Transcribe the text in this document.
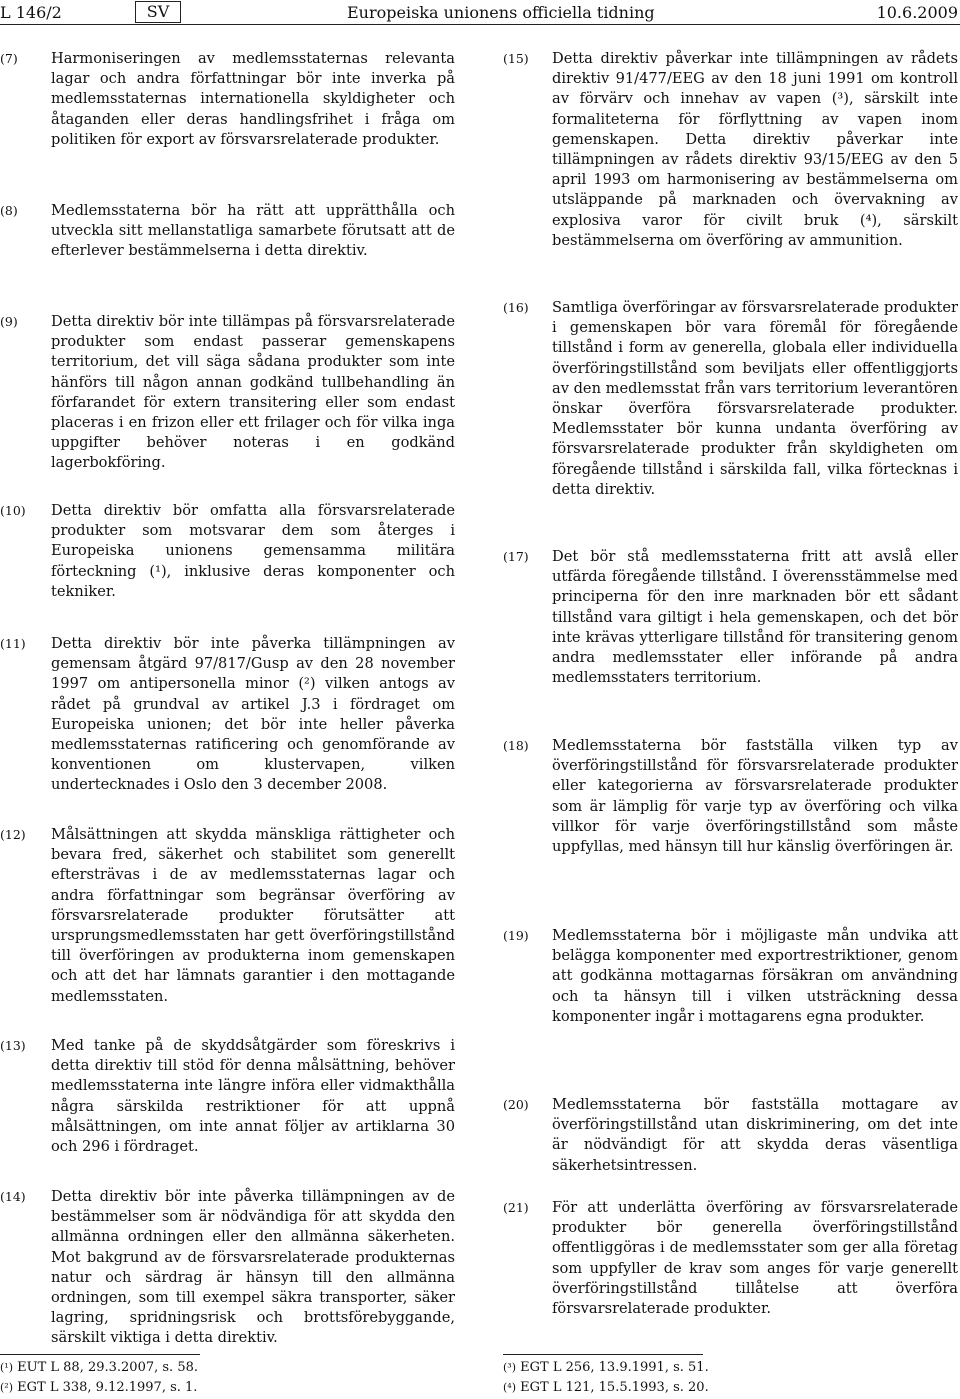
L 146/2	SV	Europeiska unionens officiella tidning	10.6.2009
(7) Harmoniseringen av medlemsstaternas relevanta lagar och andra författningar bör inte inverka på medlemsstaternas internationella skyldigheter och åtaganden eller deras handlingsfrihet i fråga om politiken för export av försvarsrelaterade produkter.
(8) Medlemsstaterna bör ha rätt att upprätthålla och utveckla sitt mellanstatliga samarbete förutsatt att de efterlever bestämmelserna i detta direktiv.
(9) Detta direktiv bör inte tillämpas på försvarsrelaterade produkter som endast passerar gemenskapens territorium, det vill säga sådana produkter som inte hänförs till någon annan godkänd tullbehandling än förfarandet för extern transitering eller som endast placeras i en frizon eller ett frilager och för vilka inga uppgifter behöver noteras i en godkänd lagerbokföring.
(10) Detta direktiv bör omfatta alla försvarsrelaterade produkter som motsvarar dem som återges i Europeiska unionens gemensamma militära förteckning (¹), inklusive deras komponenter och tekniker.
(11) Detta direktiv bör inte påverka tillämpningen av gemensam åtgärd 97/817/Gusp av den 28 november 1997 om antipersonella minor (²) vilken antogs av rådet på grundval av artikel J.3 i fördraget om Europeiska unionen; det bör inte heller påverka medlemsstaternas ratificering och genomförande av konventionen om klustervapen, vilken undertecknades i Oslo den 3 december 2008.
(12) Målsättningen att skydda mänskliga rättigheter och bevara fred, säkerhet och stabilitet som generellt eftersträvas i de av medlemsstaternas lagar och andra författningar som begränsar överföring av försvarsrelaterade produkter förutsätter att ursprungsmedlemsstaten har gett överföringstillstånd till överföringen av produkterna inom gemenskapen och att det har lämnats garantier i den mottagande medlemsstaten.
(13) Med tanke på de skyddsåtgärder som föreskrivs i detta direktiv till stöd för denna målsättning, behöver medlemsstaterna inte längre införa eller vidmakthålla några särskilda restriktioner för att uppnå målsättningen, om inte annat följer av artiklarna 30 och 296 i fördraget.
(14) Detta direktiv bör inte påverka tillämpningen av de bestämmelser som är nödvändiga för att skydda den allmänna ordningen eller den allmänna säkerheten. Mot bakgrund av de försvarsrelaterade produkternas natur och särdrag är hänsyn till den allmänna ordningen, som till exempel säkra transporter, säker lagring, spridningsrisk och brottsförebyggande, särskilt viktiga i detta direktiv.
(15) Detta direktiv påverkar inte tillämpningen av rådets direktiv 91/477/EEG av den 18 juni 1991 om kontroll av förvärv och innehav av vapen (³), särskilt inte formaliteterna för förflyttning av vapen inom gemenskapen. Detta direktiv påverkar inte tillämpningen av rådets direktiv 93/15/EEG av den 5 april 1993 om harmonisering av bestämmelserna om utsläppande på marknaden och övervakning av explosiva varor för civilt bruk (⁴), särskilt bestämmelserna om överföring av ammunition.
(16) Samtliga överföringar av försvarsrelaterade produkter i gemenskapen bör vara föremål för föregående tillstånd i form av generella, globala eller individuella överföringstillstånd som beviljats eller offentliggjorts av den medlemsstat från vars territorium leverantören önskar överföra försvarsrelaterade produkter. Medlemsstater bör kunna undanta överföring av försvarsrelaterade produkter från skyldigheten om föregående tillstånd i särskilda fall, vilka förtecknas i detta direktiv.
(17) Det bör stå medlemsstaterna fritt att avslå eller utfärda föregående tillstånd. I överensstämmelse med principerna för den inre marknaden bör ett sådant tillstånd vara giltigt i hela gemenskapen, och det bör inte krävas ytterligare tillstånd för transitering genom andra medlemsstater eller införande på andra medlemsstaters territorium.
(18) Medlemsstaterna bör fastställa vilken typ av överföringstillstånd för försvarsrelaterade produkter eller kategorierna av försvarsrelaterade produkter som är lämplig för varje typ av överföring och vilka villkor för varje överföringstillstånd som måste uppfyllas, med hänsyn till hur känslig överföringen är.
(19) Medlemsstaterna bör i möjligaste mån undvika att belägga komponenter med exportrestriktioner, genom att godkänna mottagarnas försäkran om användning och ta hänsyn till i vilken utsträckning dessa komponenter ingår i mottagarens egna produkter.
(20) Medlemsstaterna bör fastställa mottagare av överföringstillstånd utan diskriminering, om det inte är nödvändigt för att skydda deras väsentliga säkerhetsintressen.
(21) För att underlätta överföring av försvarsrelaterade produkter bör generella överföringstillstånd offentliggöras i de medlemsstater som ger alla företag som uppfyller de krav som anges för varje generellt överföringstillstånd tillåtelse att överföra försvarsrelaterade produkter.
(¹) EUT L 88, 29.3.2007, s. 58.
(²) EGT L 338, 9.12.1997, s. 1.
(³) EGT L 256, 13.9.1991, s. 51.
(⁴) EGT L 121, 15.5.1993, s. 20.
